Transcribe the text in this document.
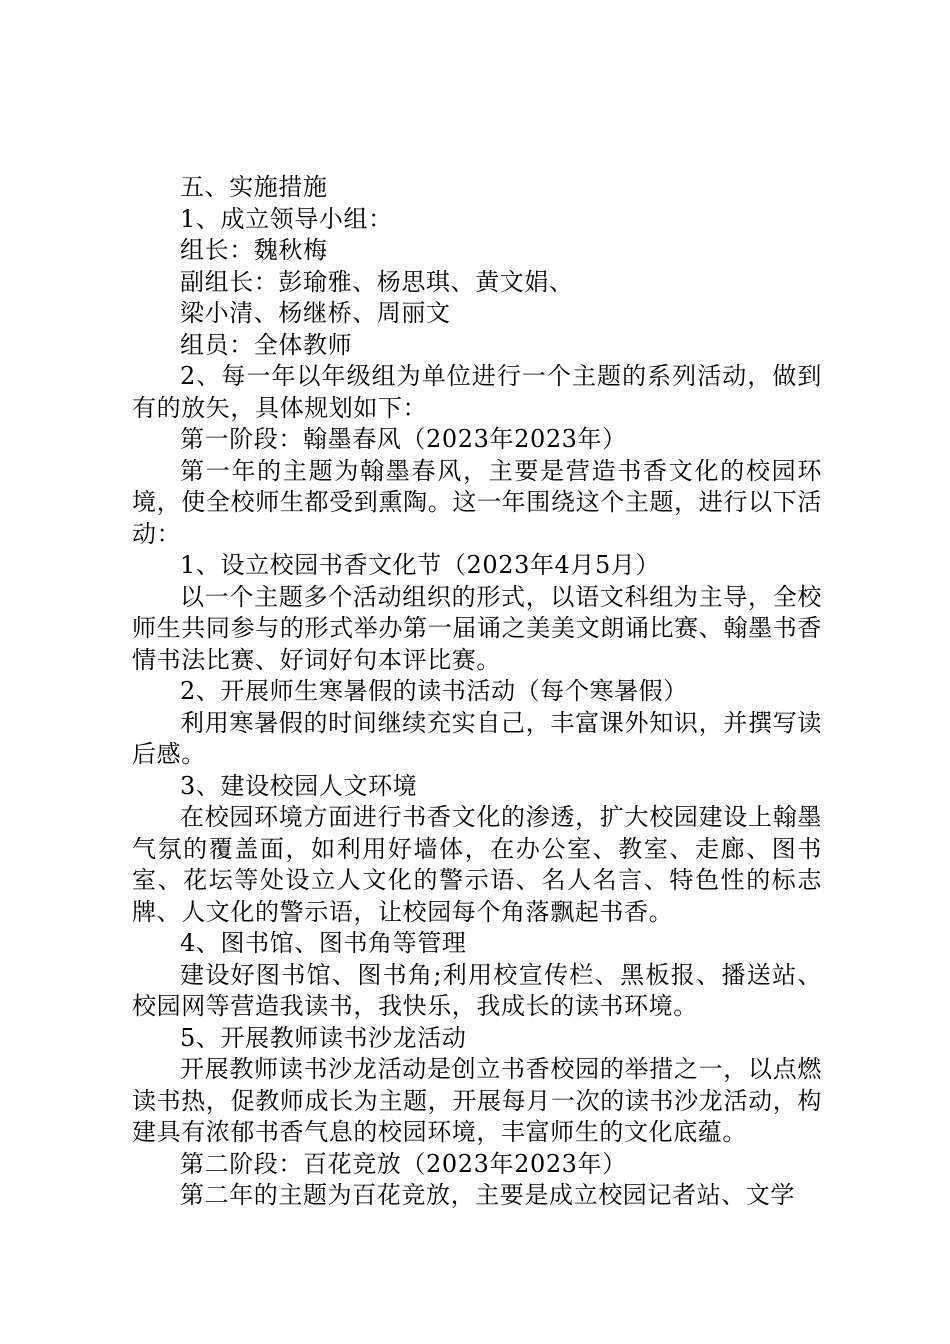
五、实施措施

1、成立领导小组：

组长：魏秋梅

副组长：彭瑜雅、杨思琪、黄文娟、

梁小清、杨继桥、周丽文

组员：全体教师

2、每一年以年级组为单位进行一个主题的系列活动，做到有的放矢，具体规划如下：

第一阶段：翰墨春风（2023年2023年）

第一年的主题为翰墨春风，主要是营造书香文化的校园环境，使全校师生都受到熏陶。这一年围绕这个主题，进行以下活动：

1、设立校园书香文化节（2023年4月5月）

以一个主题多个活动组织的形式，以语文科组为主导，全校师生共同参与的形式举办第一届诵之美美文朗诵比赛、翰墨书香情书法比赛、好词好句本评比赛。

2、开展师生寒暑假的读书活动（每个寒暑假）

利用寒暑假的时间继续充实自己，丰富课外知识，并撰写读后感。

3、建设校园人文环境

在校园环境方面进行书香文化的渗透，扩大校园建设上翰墨气氛的覆盖面，如利用好墙体，在办公室、教室、走廊、图书室、花坛等处设立人文化的警示语、名人名言、特色性的标志牌、人文化的警示语，让校园每个角落飘起书香。

4、图书馆、图书角等管理

建设好图书馆、图书角;利用校宣传栏、黑板报、播送站、校园网等营造我读书，我快乐，我成长的读书环境。

5、开展教师读书沙龙活动

开展教师读书沙龙活动是创立书香校园的举措之一，以点燃读书热，促教师成长为主题，开展每月一次的读书沙龙活动，构建具有浓郁书香气息的校园环境，丰富师生的文化底蕴。

第二阶段：百花竞放（2023年2023年）

第二年的主题为百花竞放，主要是成立校园记者站、文学
